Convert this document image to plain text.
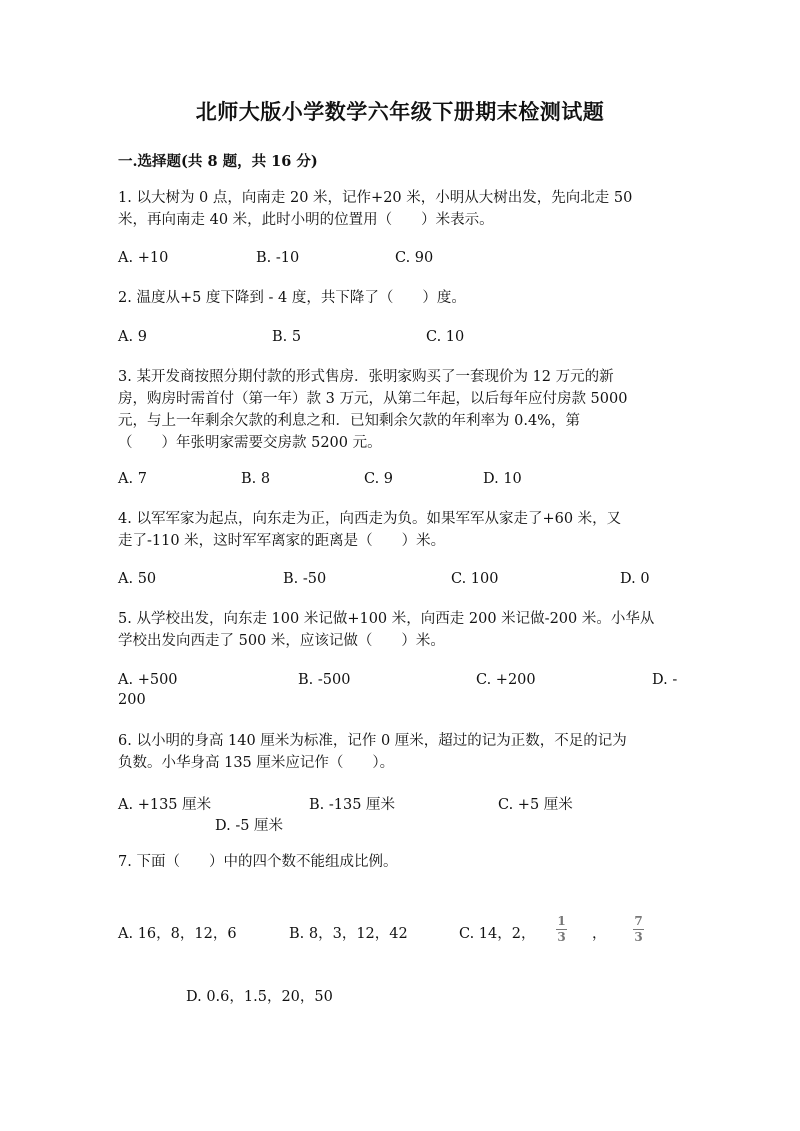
北师大版小学数学六年级下册期末检测试题
一.选择题(共 8 题，共 16 分)
1. 以大树为 0 点，向南走 20 米，记作+20 米，小明从大树出发，先向北走 50
米，再向南走 40 米，此时小明的位置用（　　）米表示。
A. +10	B. -10	C. 90
2. 温度从+5 度下降到 - 4 度，共下降了（　　）度。
A. 9	B. 5	C. 10
3. 某开发商按照分期付款的形式售房．张明家购买了一套现价为 12 万元的新
房，购房时需首付（第一年）款 3 万元，从第二年起，以后每年应付房款 5000
元，与上一年剩余欠款的利息之和．已知剩余欠款的年利率为 0.4%，第
（　　）年张明家需要交房款 5200 元。
A. 7	B. 8	C. 9	D. 10
4. 以军军家为起点，向东走为正，向西走为负。如果军军从家走了+60 米，又
走了-110 米，这时军军离家的距离是（　　）米。
A. 50	B. -50	C. 100	D. 0
5. 从学校出发，向东走 100 米记做+100 米，向西走 200 米记做-200 米。小华从
学校出发向西走了 500 米，应该记做（　　）米。
A. +500	B. -500	C. +200	D. -
200
6. 以小明的身高 140 厘米为标准，记作 0 厘米，超过的记为正数，不足的记为
负数。小华身高 135 厘米应记作（　　）。
A. +135 厘米	B. -135 厘米	C. +5 厘米
D. -5 厘米
7. 下面（　　）中的四个数不能组成比例。
A. 16，8，12，6	B. 8，3，12，42	C. 14，2，
1
3 ，
7
3
D. 0.6，1.5，20，50
